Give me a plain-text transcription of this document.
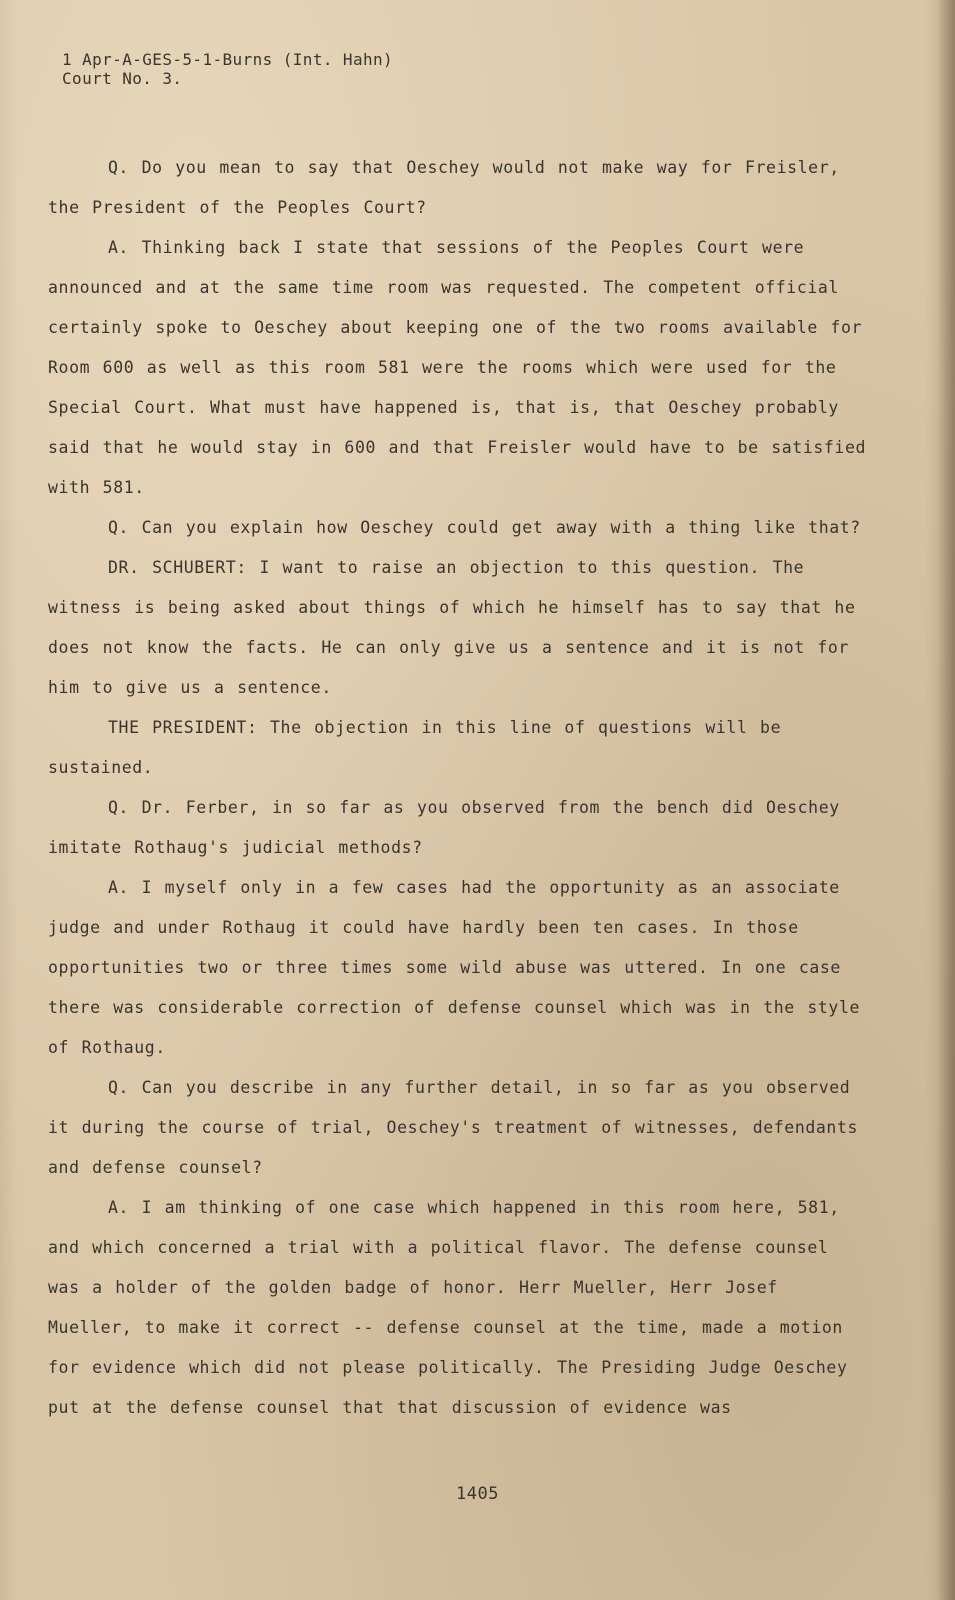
1 Apr-A-GES-5-1-Burns (Int. Hahn)
Court No. 3.

Q. Do you mean to say that Oeschey would not make way for Freisler, the President of the Peoples Court?

A. Thinking back I state that sessions of the Peoples Court were announced and at the same time room was requested. The competent official certainly spoke to Oeschey about keeping one of the two rooms available for Room 600 as well as this room 581 were the rooms which were used for the Special Court. What must have happened is, that is, that Oeschey probably said that he would stay in 600 and that Freisler would have to be satisfied with 581.

Q. Can you explain how Oeschey could get away with a thing like that?

DR. SCHUBERT: I want to raise an objection to this question. The witness is being asked about things of which he himself has to say that he does not know the facts. He can only give us a sentence and it is not for him to give us a sentence.

THE PRESIDENT: The objection in this line of questions will be sustained.

Q. Dr. Ferber, in so far as you observed from the bench did Oeschey imitate Rothaug's judicial methods?

A. I myself only in a few cases had the opportunity as an associate judge and under Rothaug it could have hardly been ten cases. In those opportunities two or three times some wild abuse was uttered. In one case there was considerable correction of defense counsel which was in the style of Rothaug.

Q. Can you describe in any further detail, in so far as you observed it during the course of trial, Oeschey's treatment of witnesses, defendants and defense counsel?

A. I am thinking of one case which happened in this room here, 581, and which concerned a trial with a political flavor. The defense counsel was a holder of the golden badge of honor. Herr Mueller, Herr Josef Mueller, to make it correct -- defense counsel at the time, made a motion for evidence which did not please politically. The Presiding Judge Oeschey put at the defense counsel that that discussion of evidence was

1405
